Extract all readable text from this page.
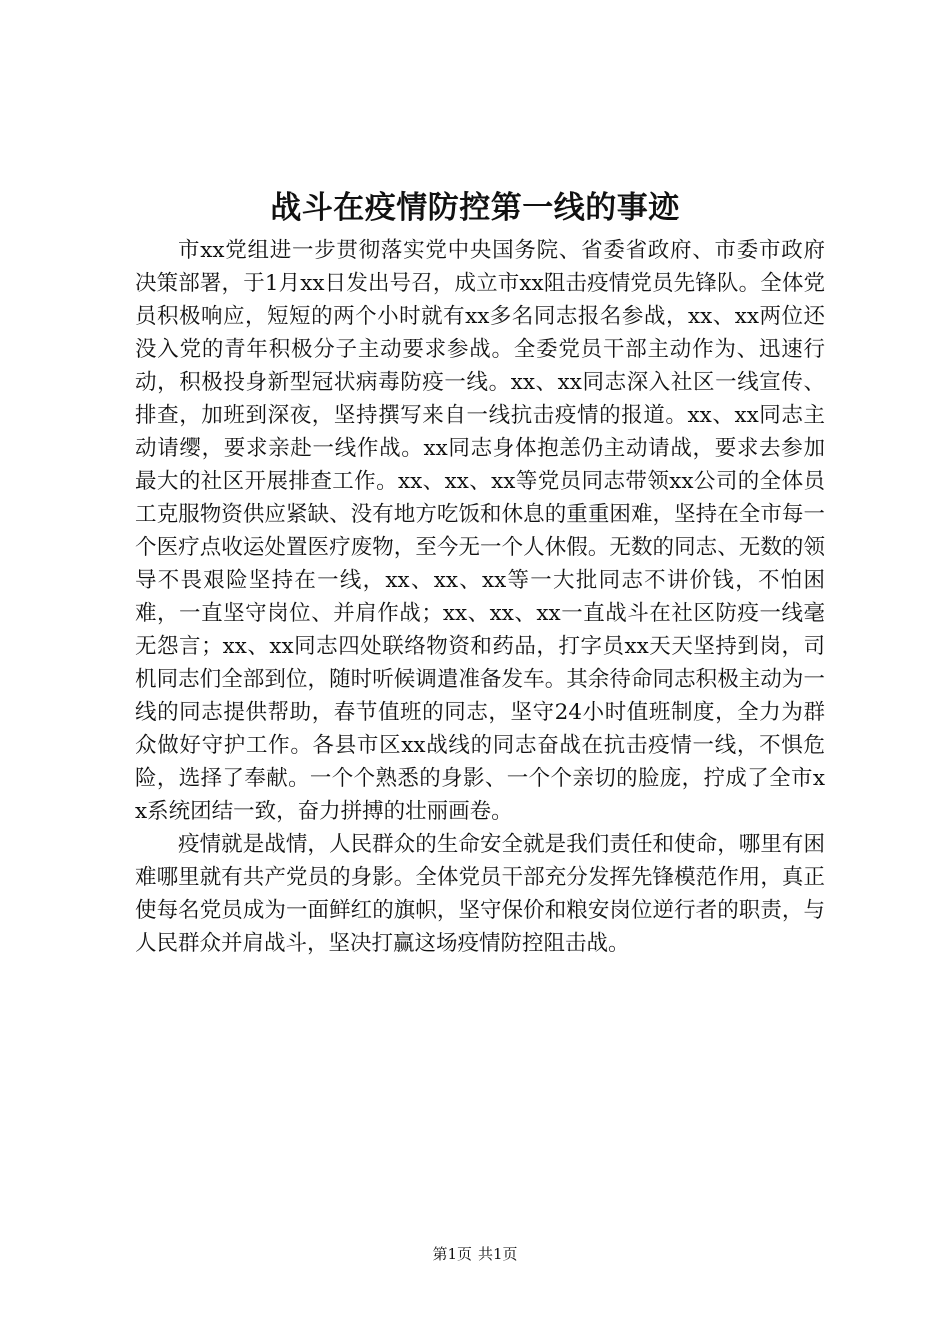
战斗在疫情防控第一线的事迹

市xx党组进一步贯彻落实党中央国务院、省委省政府、市委市政府决策部署，于1月xx日发出号召，成立市xx阻击疫情党员先锋队。全体党员积极响应，短短的两个小时就有xx多名同志报名参战，xx、xx两位还没入党的青年积极分子主动要求参战。全委党员干部主动作为、迅速行动，积极投身新型冠状病毒防疫一线。xx、xx同志深入社区一线宣传、排查，加班到深夜，坚持撰写来自一线抗击疫情的报道。xx、xx同志主动请缨，要求亲赴一线作战。xx同志身体抱恙仍主动请战，要求去参加最大的社区开展排查工作。xx、xx、xx等党员同志带领xx公司的全体员工克服物资供应紧缺、没有地方吃饭和休息的重重困难，坚持在全市每一个医疗点收运处置医疗废物，至今无一个人休假。无数的同志、无数的领导不畏艰险坚持在一线，xx、xx、xx等一大批同志不讲价钱，不怕困难，一直坚守岗位、并肩作战；xx、xx、xx一直战斗在社区防疫一线毫无怨言；xx、xx同志四处联络物资和药品，打字员xx天天坚持到岗，司机同志们全部到位，随时听候调遣准备发车。其余待命同志积极主动为一线的同志提供帮助，春节值班的同志，坚守24小时值班制度，全力为群众做好守护工作。各县市区xx战线的同志奋战在抗击疫情一线，不惧危险，选择了奉献。一个个熟悉的身影、一个个亲切的脸庞，拧成了全市xx系统团结一致，奋力拼搏的壮丽画卷。

疫情就是战情，人民群众的生命安全就是我们责任和使命，哪里有困难哪里就有共产党员的身影。全体党员干部充分发挥先锋模范作用，真正使每名党员成为一面鲜红的旗帜，坚守保价和粮安岗位逆行者的职责，与人民群众并肩战斗，坚决打赢这场疫情防控阻击战。

第1页 共1页
